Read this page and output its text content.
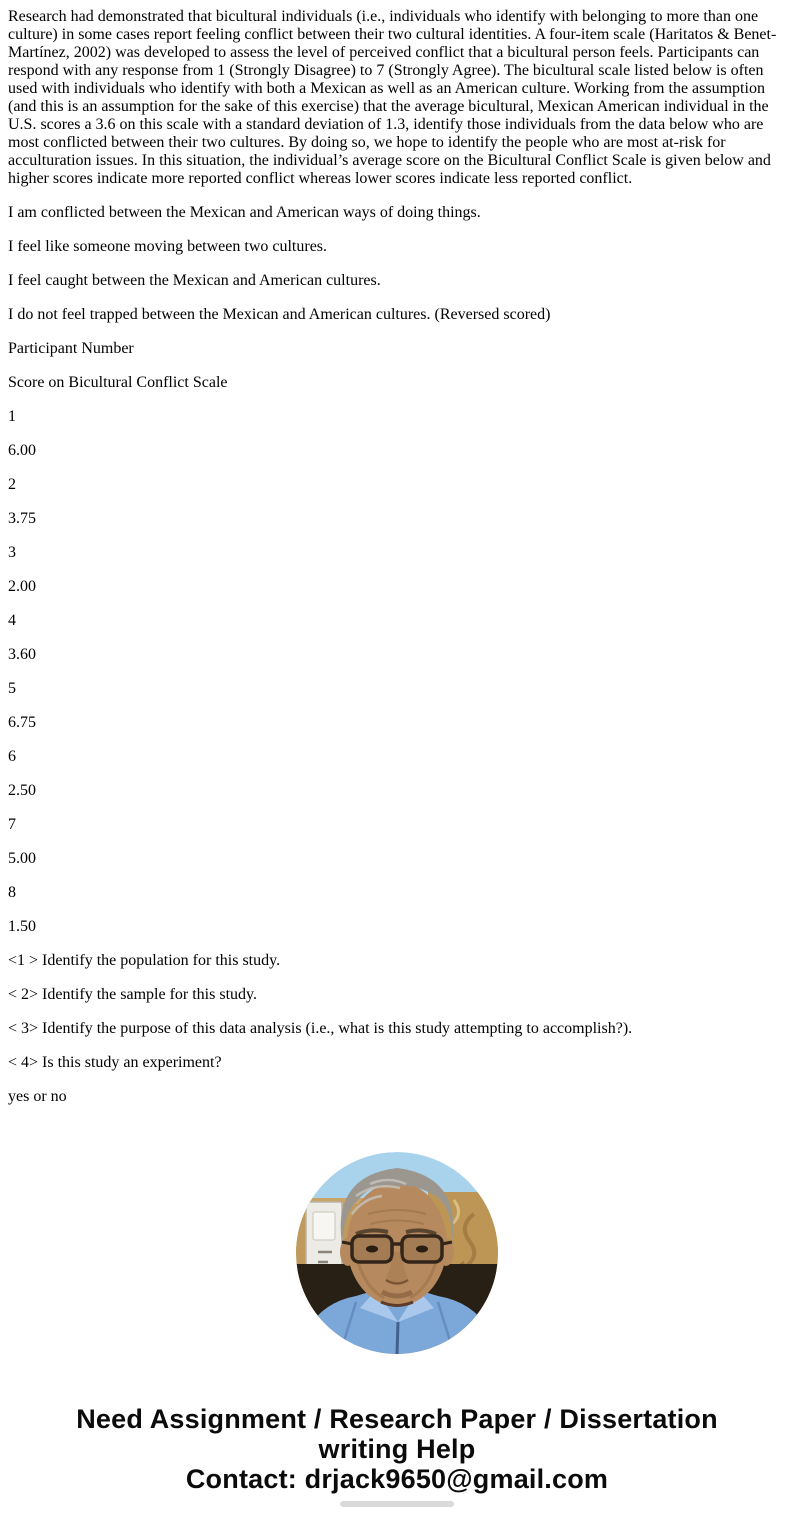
Research had demonstrated that bicultural individuals (i.e., individuals who identify with belonging to more than one culture) in some cases report feeling conflict between their two cultural identities. A four-item scale (Haritatos & Benet-Martínez, 2002) was developed to assess the level of perceived conflict that a bicultural person feels. Participants can respond with any response from 1 (Strongly Disagree) to 7 (Strongly Agree). The bicultural scale listed below is often used with individuals who identify with both a Mexican as well as an American culture. Working from the assumption (and this is an assumption for the sake of this exercise) that the average bicultural, Mexican American individual in the U.S. scores a 3.6 on this scale with a standard deviation of 1.3, identify those individuals from the data below who are most conflicted between their two cultures. By doing so, we hope to identify the people who are most at-risk for acculturation issues. In this situation, the individual’s average score on the Bicultural Conflict Scale is given below and higher scores indicate more reported conflict whereas lower scores indicate less reported conflict.

I am conflicted between the Mexican and American ways of doing things.

I feel like someone moving between two cultures.

I feel caught between the Mexican and American cultures.

I do not feel trapped between the Mexican and American cultures. (Reversed scored)

Participant Number

Score on Bicultural Conflict Scale

1

6.00

2

3.75

3

2.00

4

3.60

5

6.75

6

2.50

7

5.00

8

1.50

<1 > Identify the population for this study.

< 2> Identify the sample for this study.

< 3> Identify the purpose of this data analysis (i.e., what is this study attempting to accomplish?).

< 4> Is this study an experiment?

yes or no

Need Assignment / Research Paper / Dissertation
writing Help
Contact: drjack9650@gmail.com
